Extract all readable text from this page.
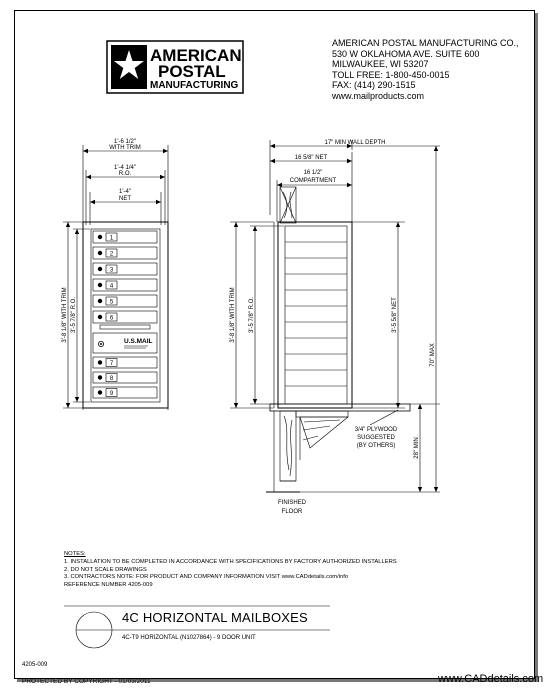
AMERICAN
POSTAL
MANUFACTURING
AMERICAN POSTAL MANUFACTURING CO.,
530 W OKLAHOMA AVE. SUITE 600
MILWAUKEE, WI 53207
TOLL FREE: 1-800-450-0015
FAX: (414) 290-1515
www.mailproducts.com
1'-6 1/2"
WITH TRIM
1'-4 1/4"
R.O.
1'-4"
NET
3'-8 1/8" WITH TRIM 3'-5 7/8" R.O.
1
2
3
4
5
6
7
8
9
U.S.MAIL
17" MIN WALL DEPTH
16 5/8" NET
16 1/2"
COMPARTMENT
3'-8 1/8" WITH TRIM 3'-5 7/8" R.O.	3'-5 5/8" NET
70" MAX
28" MIN
3/4" PLYWOOD
SUGGESTED
(BY OTHERS)
FINISHED
FLOOR
NOTES:
1. INSTALLATION TO BE COMPLETED IN ACCORDANCE WITH SPECIFICATIONS BY FACTORY AUTHORIZED INSTALLERS
2. DO NOT SCALE DRAWINGS
3. CONTRACTORS NOTE: FOR PRODUCT AND COMPANY INFORMATION VISIT www.CADdetails.com/info
REFERENCE NUMBER 4205-009
4C HORIZONTAL MAILBOXES
4C-T9 HORIZONTAL (N1027864) - 9 DOOR UNIT
4205-009
PROTECTED BY COPYRIGHT - 01/03/2011	www.CADdetails.com
